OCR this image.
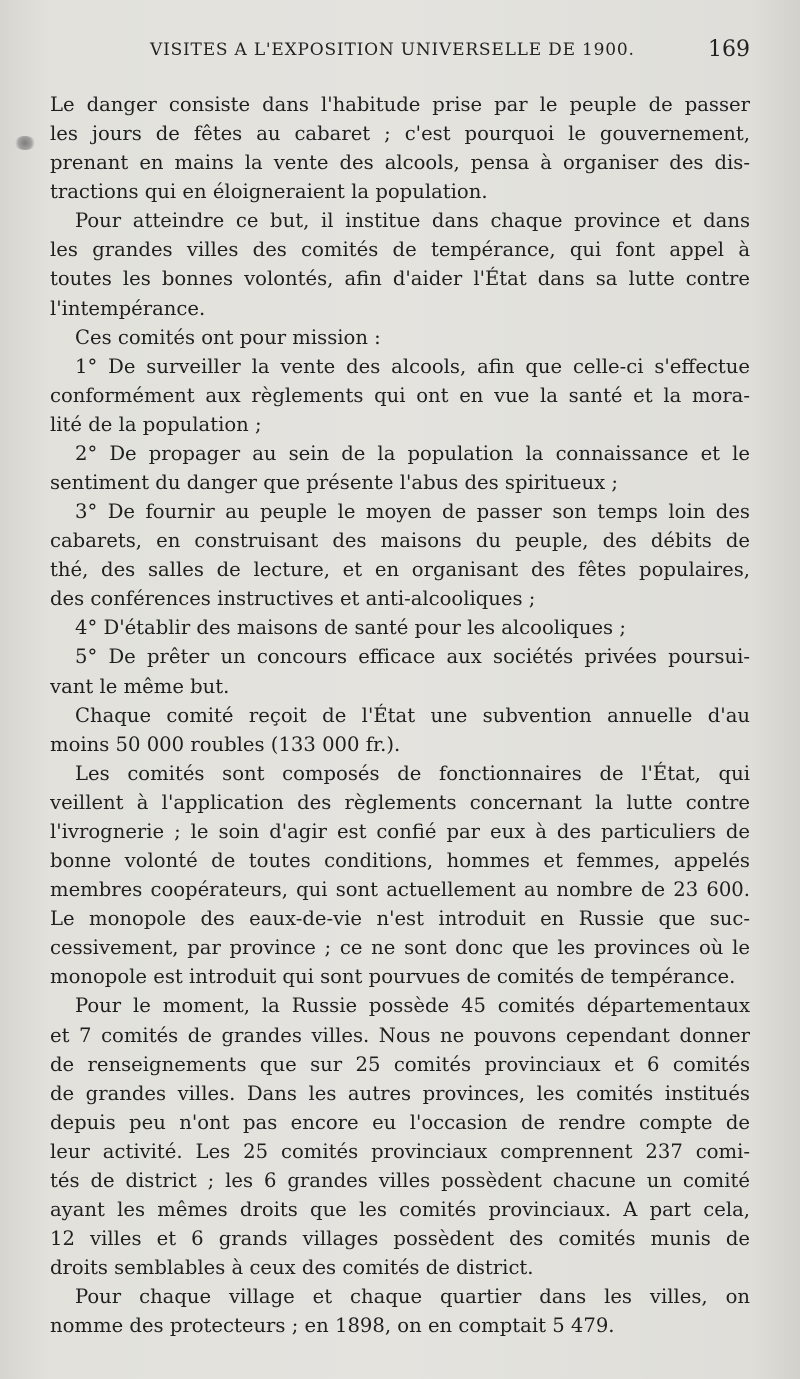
VISITES A L'EXPOSITION UNIVERSELLE DE 1900.	169
Le danger consiste dans l'habitude prise par le peuple de passer
les jours de fêtes au cabaret ; c'est pourquoi le gouvernement,
prenant en mains la vente des alcools, pensa à organiser des dis-
tractions qui en éloigneraient la population.
Pour atteindre ce but, il institue dans chaque province et dans
les grandes villes des comités de tempérance, qui font appel à
toutes les bonnes volontés, afin d'aider l'État dans sa lutte contre
l'intempérance.
Ces comités ont pour mission :
1° De surveiller la vente des alcools, afin que celle-ci s'effectue
conformément aux règlements qui ont en vue la santé et la mora-
lité de la population ;
2° De propager au sein de la population la connaissance et le
sentiment du danger que présente l'abus des spiritueux ;
3° De fournir au peuple le moyen de passer son temps loin des
cabarets, en construisant des maisons du peuple, des débits de
thé, des salles de lecture, et en organisant des fêtes populaires,
des conférences instructives et anti-alcooliques ;
4° D'établir des maisons de santé pour les alcooliques ;
5° De prêter un concours efficace aux sociétés privées poursui-
vant le même but.
Chaque comité reçoit de l'État une subvention annuelle d'au
moins 50 000 roubles (133 000 fr.).
Les comités sont composés de fonctionnaires de l'État, qui
veillent à l'application des règlements concernant la lutte contre
l'ivrognerie ; le soin d'agir est confié par eux à des particuliers de
bonne volonté de toutes conditions, hommes et femmes, appelés
membres coopérateurs, qui sont actuellement au nombre de 23 600.
Le monopole des eaux-de-vie n'est introduit en Russie que suc-
cessivement, par province ; ce ne sont donc que les provinces où le
monopole est introduit qui sont pourvues de comités de tempérance.
Pour le moment, la Russie possède 45 comités départementaux
et 7 comités de grandes villes. Nous ne pouvons cependant donner
de renseignements que sur 25 comités provinciaux et 6 comités
de grandes villes. Dans les autres provinces, les comités institués
depuis peu n'ont pas encore eu l'occasion de rendre compte de
leur activité. Les 25 comités provinciaux comprennent 237 comi-
tés de district ; les 6 grandes villes possèdent chacune un comité
ayant les mêmes droits que les comités provinciaux. A part cela,
12 villes et 6 grands villages possèdent des comités munis de
droits semblables à ceux des comités de district.
Pour chaque village et chaque quartier dans les villes, on
nomme des protecteurs ; en 1898, on en comptait 5 479.
